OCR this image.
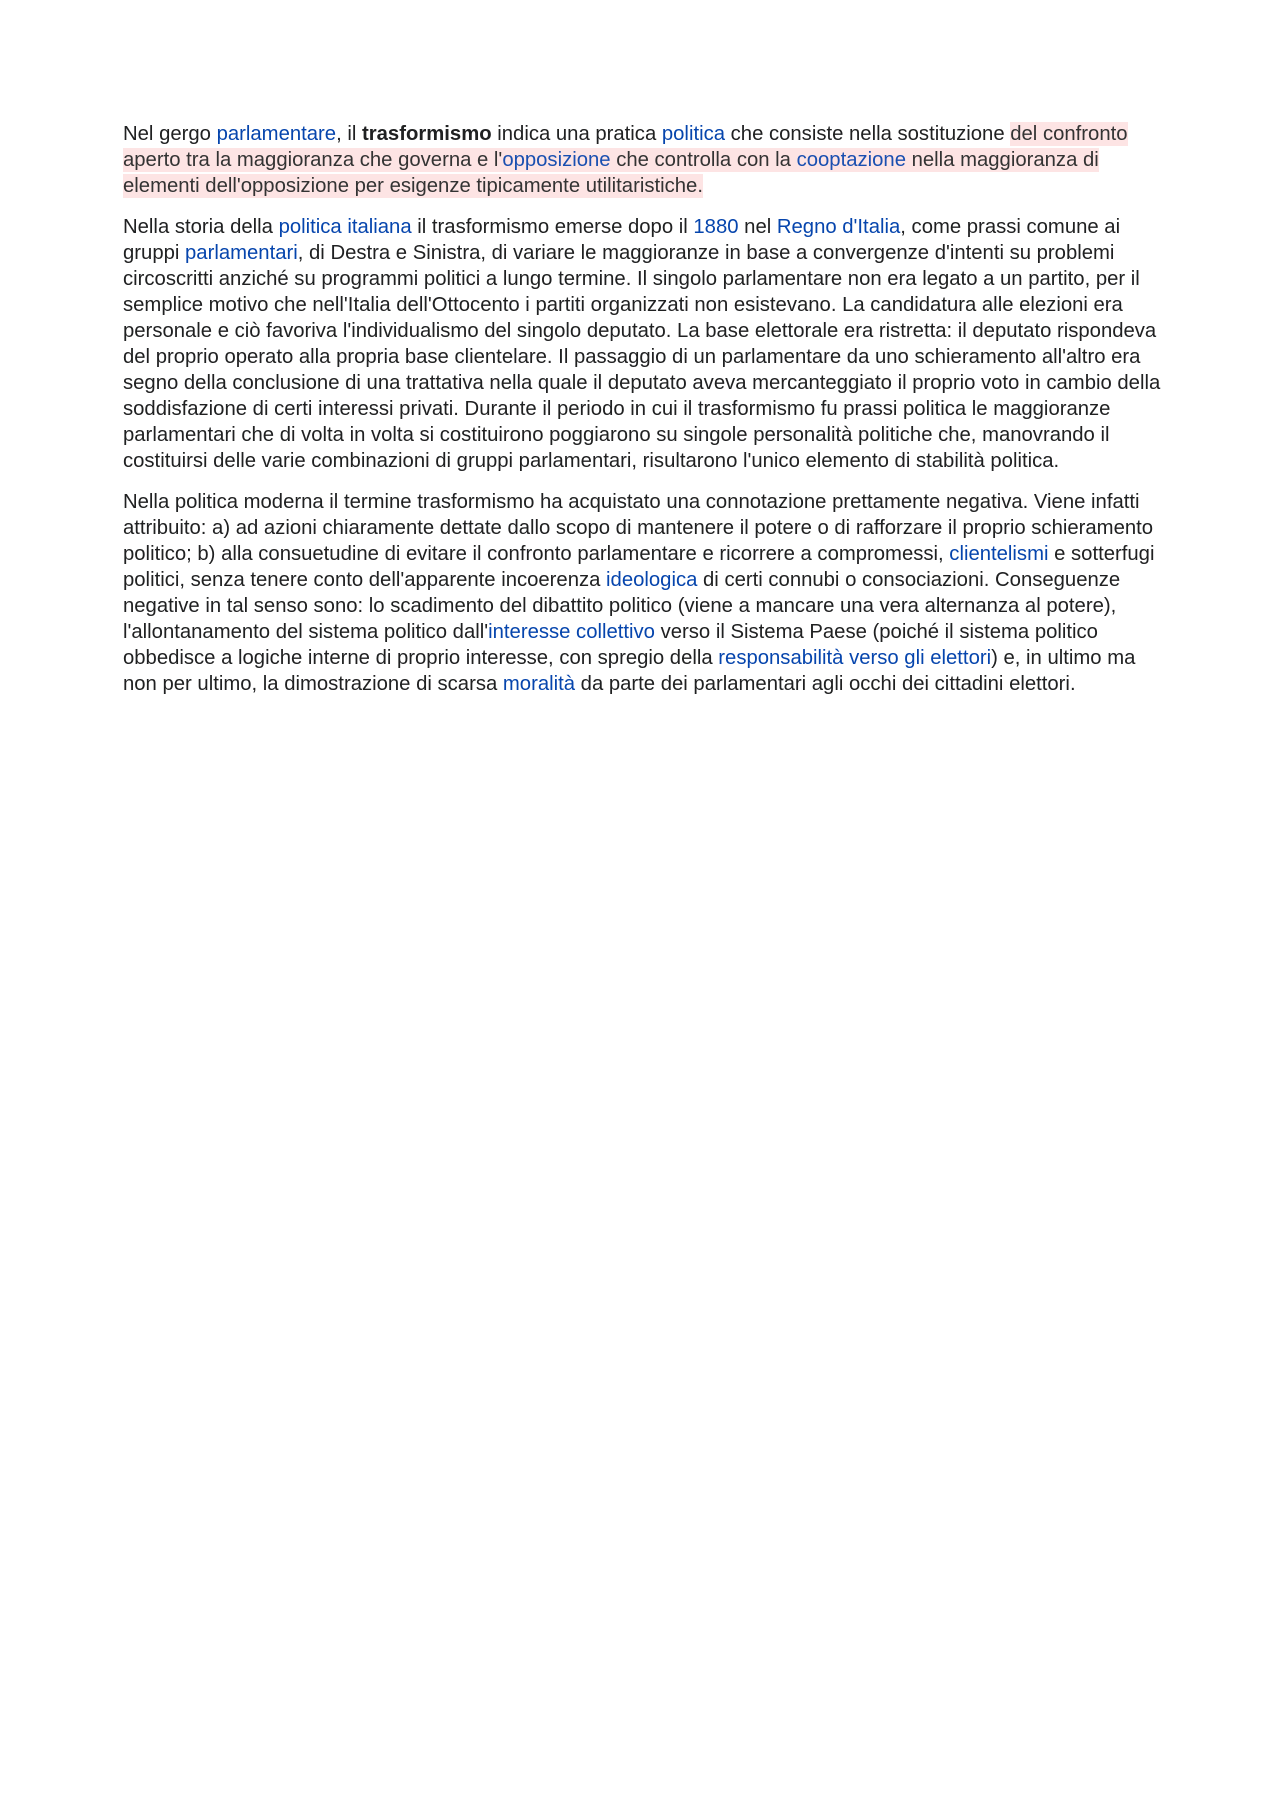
Nel gergo parlamentare, il trasformismo indica una pratica politica che consiste nella sostituzione del confronto aperto tra la maggioranza che governa e l'opposizione che controlla con la cooptazione nella maggioranza di elementi dell'opposizione per esigenze tipicamente utilitaristiche.

Nella storia della politica italiana il trasformismo emerse dopo il 1880 nel Regno d'Italia, come prassi comune ai gruppi parlamentari, di Destra e Sinistra, di variare le maggioranze in base a convergenze d'intenti su problemi circoscritti anziché su programmi politici a lungo termine. Il singolo parlamentare non era legato a un partito, per il semplice motivo che nell'Italia dell'Ottocento i partiti organizzati non esistevano. La candidatura alle elezioni era personale e ciò favoriva l'individualismo del singolo deputato. La base elettorale era ristretta: il deputato rispondeva del proprio operato alla propria base clientelare. Il passaggio di un parlamentare da uno schieramento all'altro era segno della conclusione di una trattativa nella quale il deputato aveva mercanteggiato il proprio voto in cambio della soddisfazione di certi interessi privati. Durante il periodo in cui il trasformismo fu prassi politica le maggioranze parlamentari che di volta in volta si costituirono poggiarono su singole personalità politiche che, manovrando il costituirsi delle varie combinazioni di gruppi parlamentari, risultarono l'unico elemento di stabilità politica.

Nella politica moderna il termine trasformismo ha acquistato una connotazione prettamente negativa. Viene infatti attribuito: a) ad azioni chiaramente dettate dallo scopo di mantenere il potere o di rafforzare il proprio schieramento politico; b) alla consuetudine di evitare il confronto parlamentare e ricorrere a compromessi, clientelismi e sotterfugi politici, senza tenere conto dell'apparente incoerenza ideologica di certi connubi o consociazioni. Conseguenze negative in tal senso sono: lo scadimento del dibattito politico (viene a mancare una vera alternanza al potere), l'allontanamento del sistema politico dall'interesse collettivo verso il Sistema Paese (poiché il sistema politico obbedisce a logiche interne di proprio interesse, con spregio della responsabilità verso gli elettori) e, in ultimo ma non per ultimo, la dimostrazione di scarsa moralità da parte dei parlamentari agli occhi dei cittadini elettori.
